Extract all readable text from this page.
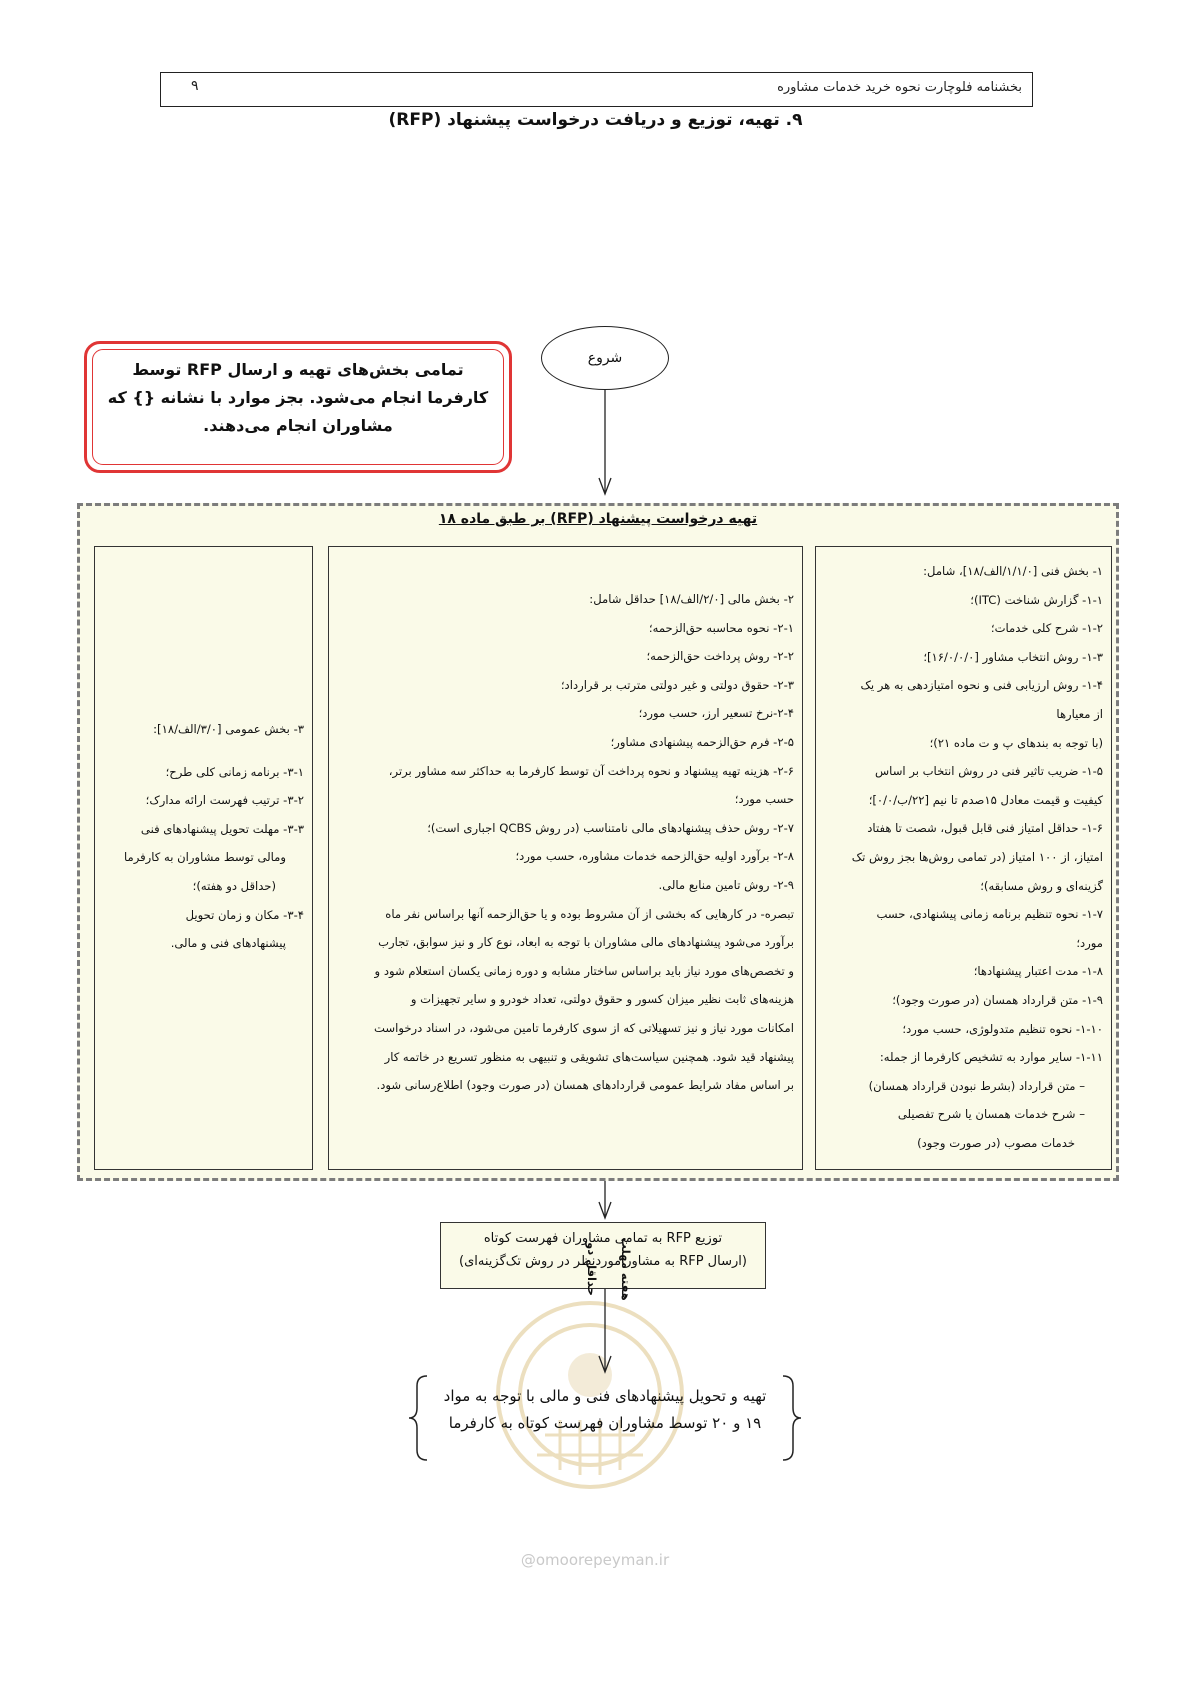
بخشنامه فلوچارت نحوه خرید خدمات مشاوره
۹
۹. تهیه، توزیع و دریافت درخواست پیشنهاد (RFP)
@omoorepeyman.ir
تمامی بخش‌های تهیه و ارسال RFP توسط
کارفرما انجام می‌شود. بجز موارد با نشانه {} که
مشاوران انجام می‌دهند.
شروع
تهیه درخواست پیشنهاد (RFP) بر طبق ماده ۱۸
۱- بخش فنی [۱/۱/۰/الف/۱۸]، شامل:
۱-۱- گزارش شناخت (ITC)؛
۱-۲- شرح کلی خدمات؛
۱-۳- روش انتخاب مشاور [۱۶/۰/۰/۰]؛
۱-۴- روش ارزیابی فنی و نحوه امتیازدهی به هر یک
از معیارها
(با توجه به بندهای پ و ت ماده ۲۱)؛
۱-۵- ضریب تاثیر فنی در روش انتخاب بر اساس
کیفیت و قیمت معادل ۱۵صدم تا نیم [۲۲/ب/۰/۰]؛
۱-۶- حداقل امتیاز فنی قابل قبول، شصت تا هفتاد
امتیاز، از ۱۰۰ امتیاز (در تمامی روش‌ها بجز روش تک
گزینه‌ای و روش مسابقه)؛
۱-۷- نحوه تنظیم برنامه زمانی پیشنهادی، حسب
مورد؛
۱-۸- مدت اعتبار پیشنهادها؛
۱-۹- متن قرارداد همسان (در صورت وجود)؛
۱-۱۰- نحوه تنظیم متدولوژی، حسب مورد؛
۱-۱۱- سایر موارد به تشخیص کارفرما از جمله:
– متن قرارداد (بشرط نبودن قرارداد همسان)
– شرح خدمات همسان یا شرح تفصیلی
خدمات مصوب (در صورت وجود)
۲- بخش مالی [۲/۰/الف/۱۸] حداقل شامل:
۲-۱- نحوه محاسبه حق‌الزحمه؛
۲-۲- روش پرداخت حق‌الزحمه؛
۲-۳- حقوق دولتی و غیر دولتی مترتب بر قرارداد؛
۲-۴-نرخ تسعیر ارز، حسب مورد؛
۲-۵- فرم حق‌الزحمه پیشنهادی مشاور؛
۲-۶- هزینه تهیه پیشنهاد و نحوه پرداخت آن توسط کارفرما به حداکثر سه مشاور برتر،
حسب مورد؛
۲-۷- روش حذف پیشنهادهای مالی نامتناسب (در روش QCBS اجباری است)؛
۲-۸- برآورد اولیه حق‌الزحمه خدمات مشاوره، حسب مورد؛
۲-۹- روش تامین منابع مالی.
تبصره- در کارهایی که بخشی از آن مشروط بوده و یا حق‌الزحمه آنها براساس نفر ماه
برآورد می‌شود پیشنهادهای مالی مشاوران با توجه به ابعاد، نوع کار و نیز سوابق، تجارب
و تخصص‌های مورد نیاز باید براساس ساختار مشابه و دوره زمانی یکسان استعلام شود و
هزینه‌های ثابت نظیر میزان کسور و حقوق دولتی، تعداد خودرو و سایر تجهیزات و
امکانات مورد نیاز و نیز تسهیلاتی که از سوی کارفرما تامین می‌شود، در اسناد درخواست
پیشنهاد قید شود. همچنین سیاست‌های تشویقی و تنبیهی به منظور تسریع در خاتمه کار
بر اساس مفاد شرایط عمومی قراردادهای همسان (در صورت وجود) اطلاع‌رسانی شود.
۳- بخش عمومی [۳/۰/الف/۱۸]:
۳-۱- برنامه زمانی کلی طرح؛
۳-۲- ترتیب فهرست ارائه مدارک؛
۳-۳- مهلت تحویل پیشنهادهای فنی
ومالی توسط مشاوران به کارفرما
(حداقل دو هفته)؛
۳-۴- مکان و زمان تحویل
پیشنهادهای فنی و مالی.
توزیع RFP به تمامی مشاوران فهرست کوتاه
(ارسال RFP به مشاور موردنظر در روش تک‌گزینه‌ای)
حداقل دو هفته مهلت
تهیه و تحویل پیشنهادهای فنی و مالی با توجه به مواد
۱۹ و ۲۰ توسط مشاوران فهرست کوتاه به کارفرما
